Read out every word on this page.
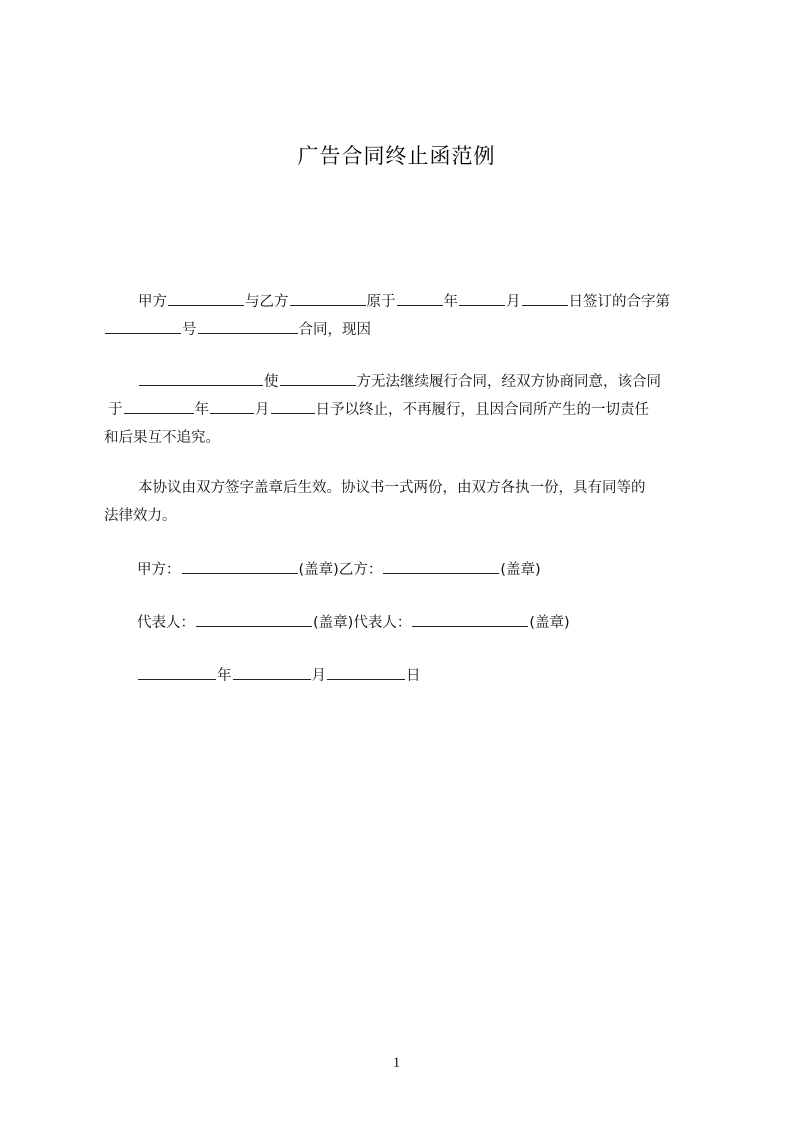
广告合同终止函范例
甲方	与乙方	原于	年	月	日签订的合字第
号	合同，现因
使	方无法继续履行合同，经双方协商同意，该合同
于	年	月	日予以终止，不再履行，且因合同所产生的一切责任
和后果互不追究。
本协议由双方签字盖章后生效。协议书一式两份，由双方各执一份，具有同等的
法律效力。
甲方：	(盖章)乙方：	(盖章)
代表人：	(盖章)代表人：	(盖章)
年	月	日
1
